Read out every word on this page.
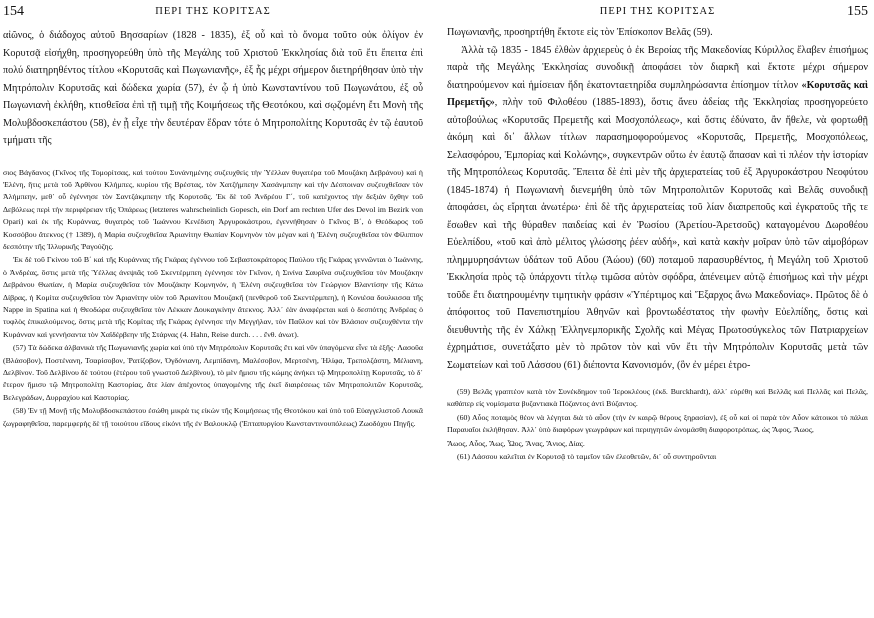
154	ΠΕΡΙ ΤΗΣ ΚΟΡΙΤΣΑΣ

αἰῶνος, ὁ διάδοχος αὐτοῦ Βησσαρίων (1828 - 1835), ἐξ οὗ καὶ τὸ ὄνομα τοῦτο οὐκ ὀλίγον ἐν Κορυτσᾷ εἰσήχθη, προσηγορεύθη ὑπὸ τῆς Μεγάλης τοῦ Χριστοῦ Ἐκκλησίας διὰ τοῦ ἔτι ἔπειτα ἐπὶ πολύ διατηρηθέντος τίτλου «Κορυτσᾶς καὶ Πωγωνιανῆς», ἐξ ἧς μέχρι σήμερον διετηρήθησαν ὑπὸ τὴν Μητρόπολιν Κορυτσᾶς καὶ δώδεκα χωρία (57), ἐν ᾧ ἡ ὑπὸ Κωνσταντίνου τοῦ Πωγωνάτου, ἐξ οὗ Πωγωνιανὴ ἐκλήθη, κτισθεῖσα ἐπὶ τῇ τιμῇ τῆς Κοιμήσεως τῆς Θεοτόκου, καὶ σῳζομένη ἔτι Μονὴ τῆς Μολυβδοσκεπάστου (58), ἐν ᾗ εἶχε τὴν δευτέραν ἕδραν τότε ὁ Μητροπολίτης Κορυτσᾶς ἐν τῷ ἑαυτοῦ τμήματι τῆς

σιος Βάγδανος (Γκῖνος τῆς Τομορίτσας, καὶ τούτου Συνάνημένης συζευχθεὶς τὴν Ὑέλλαν θυγατέρα τοῦ Μουζάκη Δεβράνου) καὶ ἡ Ἑλένη, ἥτις μετὰ τοῦ Ἀρθίνου Κλήμπες, κυρίου τῆς Βρέστας, τὸν Χατζήμπεην Χασάνμπεην καὶ τὴν Δέσποιναν συζευχθεῖσαν τὸν Ἀλήμπεην, μεθ᾽ οὗ ἐγέννησε τὸν Σαντζάκμπεην τῆς Κορυτσᾶς. Ἐκ δὲ τοῦ Ἀνδρέου Γ΄, τοῦ κατέχοντος τὴν δεξιὰν ὄχθην τοῦ Δεβόλεως περὶ τὴν περιφέρειαν τῆς Ὀπάρεως (letzteres wahrscheinlich Gopesch, ein Dorf am rechten Ufer des Devol im Bezirk von Opari) καὶ ἐκ τῆς Κυράννας, θυγατρὸς τοῦ Ἰωάννου Κενέδιση Ἀργυροκάστρου, ἐγεννήθησαν ὁ Γκῖνος Β΄, ὁ Θεόδωρος τοῦ Κοσσόβου ἄτεκνος († 1389), ἡ Μαρία συζευχθεῖσα Ἀριανίτην Θωπίαν Κομνηνὸν τὸν μέγαν καὶ ἡ Ἑλένη συζευχθεῖσα τὸν Φίλιππον δεσπότην τῆς Ἰλλυρικῆς Ῥαγούζης.

Ἐκ δὲ τοῦ Γκίνου τοῦ Β΄ καὶ τῆς Κυράννας τῆς Γκάρας ἐγέννου τοῦ Σεβαστοκράτορος Παύλου τῆς Γκάρας γεννῶνται ὁ Ἰωάννης, ὁ Ἀνδρέας, ὅστις μετὰ τῆς Ὑέλλας ἀνεψιᾶς τοῦ Σκεντέρμπεη ἐγέννησε τὸν Γκῖνον, ἡ Σινίνα Σαυρῖνα συζευχθεῖσα τὸν Μουζάκην Δεβράνου Θωπίαν, ἡ Μαρία συζευχθεῖσα τὸν Μουζάκην Κομνηνόν, ἡ Ἑλένη συζευχθεῖσα τὸν Γεώργιον Βλαντίσην τῆς Κάτω Δίβρας, ἡ Κομίτα συζευχθεῖσα τὸν Ἀριανίτην υἱὸν τοῦ Ἀριανίτου Μουζακῆ (πενθεροῦ τοῦ Σκεντέρμπεη), ἡ Κονιέσα δουλκισσα τῆς Nappe in Spatina καὶ ἡ Θεοδώρα συζευχθεῖσα τὸν Λέκκαν Δουκαγκίνην ἄτεκνος. Ἀλλ᾽ ἐὰν ἀναφέρεται καὶ ὁ δεσπότης Ἀνδρέας ὁ τυφλὸς ἐπικαλούμενος, ὅστις μετὰ τῆς Κομίτας τῆς Γκάρας ἐγέννησε τὴν Μεγγήλαν, τὸν Παῦλον καὶ τὸν Βλάσιον συζευχθέντα τὴν Κυράνναν καὶ γεννήσαντα τὸν Χαϊδέρβεην τῆς Στάρνας (4. Hahn, Reise durch. . . . ἔνθ. ἀνωτ).

(57) Τὰ δώδεκα ἀλβανικὰ τῆς Πωγωνιανῆς χωρία καὶ ὑπὸ τὴν Μητρόπολιν Κορυτσᾶς ἔτι καὶ νῦν ὑπαγόμενα εἶνε τὰ ἑξῆς· Λασοῦα (Βλάσοβον), Ποστένανη, Τσαρίσοβον, Ῥατίζοβον, Ὀγδόνιανη, Λεμπίδανη, Μαλέσοβον, Μερτσένη, Ἠλίφα, Τρεπολζάστη, Μέλιανη, Δελβίνον. Τοῦ Δελβίνου δὲ τούτου (ἑτέρου τοῦ γνωστοῦ Δελβίνου), τὸ μὲν ἥμισυ τῆς κώμης ἀνήκει τῷ Μητροπολίτῃ Κορυτσᾶς, τὸ δ᾽ ἕτερον ἥμισυ τῷ Μητροπολίτῃ Καστορίας, ἅτε λίαν ἀπέχοντος ὑπαγομένης τῆς ἐκεῖ διαιρέσεως τῶν Μητροπολιτῶν Κορυτσᾶς, Βελεγράδων, Δυρραχίου καὶ Καστορίας.

(58) Ἐν τῇ Μονῇ τῆς Μολυβδοσκεπάστου ἐσώθη μικρὰ τις εἰκὼν τῆς Κοιμήσεως τῆς Θεοτόκου καὶ ὑπὸ τοῦ Εὐαγγελιστοῦ Λουκᾶ ζωγραφηθεῖσα, παρεμφερὴς δὲ τῇ τοιούτου εἴδους εἰκόνι τῆς ἐν Βαλουκλῷ (Ἐπταπυργίου Κωνσταντινουπόλεως) Ζωοδόχου Πηγῆς.

ΠΕΡΙ ΤΗΣ ΚΟΡΙΤΣΑΣ	155

Πωγωνιανῆς, προσηρτήθη ἔκτοτε εἰς τὸν Ἐπίσκοπον Βελᾶς (59).

Ἀλλὰ τῷ 1835 - 1845 ἐλθὼν ἀρχιερεὺς ὁ ἐκ Βεροίας τῆς Μακεδονίας Κύριλλος ἔλαβεν ἐπισήμως παρὰ τῆς Μεγάλης Ἐκκλησίας συνοδικῇ ἀποφάσει τὸν διαρκῆ καὶ ἔκτοτε μέχρι σήμερον διατηρούμενον καὶ ἡμίσειαν ἤδη ἑκατονταετηρίδα συμπληρώσαντα ἐπίσημον τίτλον «Κορυτσᾶς καὶ Πρεμετῆς», πλὴν τοῦ Φιλοθέου (1885-1893), ὅστις ἄνευ ἀδείας τῆς Ἐκκλησίας προσηγορεύετο αὐτοβούλως «Κορυτσᾶς Πρεμετῆς καὶ Μοσχοπόλεως», καὶ ὅστις ἐδύνατο, ἂν ἤθελε, νὰ φορτωθῇ ἀκόμη καὶ δι᾽ ἄλλων τίτλων παρασημοφορούμενος «Κορυτσᾶς, Πρεμετῆς, Μοσχοπόλεως, Σελασφόρου, Ἐμπορίας καὶ Κολώνης», συγκεντρῶν οὕτω ἐν ἑαυτῷ ἅπασαν καὶ τὶ πλέον τὴν ἱστορίαν τῆς Μητροπόλεως Κορυτσᾶς. Ἔπειτα δὲ ἐπὶ μὲν τῆς ἀρχιερατείας τοῦ ἐξ Ἀργυροκάστρου Νεοφύτου (1845-1874) ἡ Πωγωνιανὴ διενεμήθη ὑπὸ τῶν Μητροπολιτῶν Κορυτσᾶς καὶ Βελᾶς συνοδικῇ ἀποφάσει, ὡς εἴρηται ἀνωτέρω· ἐπὶ δὲ τῆς ἀρχιερατείας τοῦ λίαν διαπρεποῦς καὶ ἐγκρατοῦς τῆς τε ἔσωθεν καὶ τῆς θύραθεν παιδείας καὶ ἐν Ῥωσίου (Ἀρετίου-Ἀρετσοῦς) καταγομένου Δωροθέου Εὐελπίδου, «τοῦ καὶ ἀπὸ μέλιτος γλώσσης ῥέεν αὐδή», καὶ κατὰ κακὴν μοῖραν ὑπὸ τῶν αἱμοβόρων πλημμυρησάντων ὑδάτων τοῦ Αὔου (Ἀώου) (60) ποταμοῦ παρασυρθέντος, ἡ Μεγάλη τοῦ Χριστοῦ Ἐκκλησία πρὸς τῷ ὑπάρχοντι τίτλῳ τιμῶσα αὐτὸν σφόδρα, ἀπένειμεν αὐτῷ ἐπισήμως καὶ τὴν μέχρι τοῦδε ἔτι διατηρουμένην τιμητικὴν φράσιν «Ὑπέρτιμος καὶ Ἔξαρχος ἄνω Μακεδονίας». Πρῶτος δὲ ὁ ἀπόφοιτος τοῦ Πανεπιστημίου Ἀθηνῶν καὶ βροντωδέστατος τὴν φωνὴν Εὐελπίδης, ὅστις καὶ διευθυντὴς τῆς ἐν Χάλκῃ Ἑλληνεμπορικῆς Σχολῆς καὶ Μέγας Πρωτοσύγκελος τῶν Πατριαρχείων ἐχρημάτισε, συνετάξατο μὲν τὸ πρῶτον τὸν καὶ νῦν ἔτι τὴν Μητρόπολιν Κορυτσᾶς μετὰ τῶν Σωματείων καὶ τοῦ Λάσσου (61) διέποντα Κανονισμόν, (ὃν ἐν μέρει ἑτρο-

(59) Βελᾶς γραπτέον κατὰ τὸν Συνέκδημον τοῦ Ἱεροκλέους (ἐκδ. Burckhardt), ἀλλ᾽ εὑρέθη καὶ Βελλᾶς καὶ Πελλᾶς καὶ Πελᾶς, καθάπερ εἰς νομίσματα βυζαντιακὰ Πόζαντος ἀντὶ Βύζαντος.

(60) Αὗος ποταμὸς θέον νὰ λέγηται διὰ τὸ αὖον (τὴν ἐν καιρῷ θέρους ξηρασίαν), ἐξ οὗ καὶ οἱ παρὰ τὸν Αὖον κάτοικοι τὸ πάλαι Παραυαῖοι ἐκλήθησαν. Ἀλλ᾽ ὑπὸ διαφόρων γεωγράφων καὶ περιηγητῶν ὠνομάσθη διαφοροτρόπως, ὡς Ἄφος, Ἄωος,

Ἄωος, Αὖος, Ἄως, Ὧος, Ἄνας, Ἄνιος, Δίας.

(61) Λάσσου καλεῖται ἐν Κορυτσᾷ τὸ ταμεῖον τῶν ἐλεοθετῶν, δι᾽ οὗ συντηροῦνται
